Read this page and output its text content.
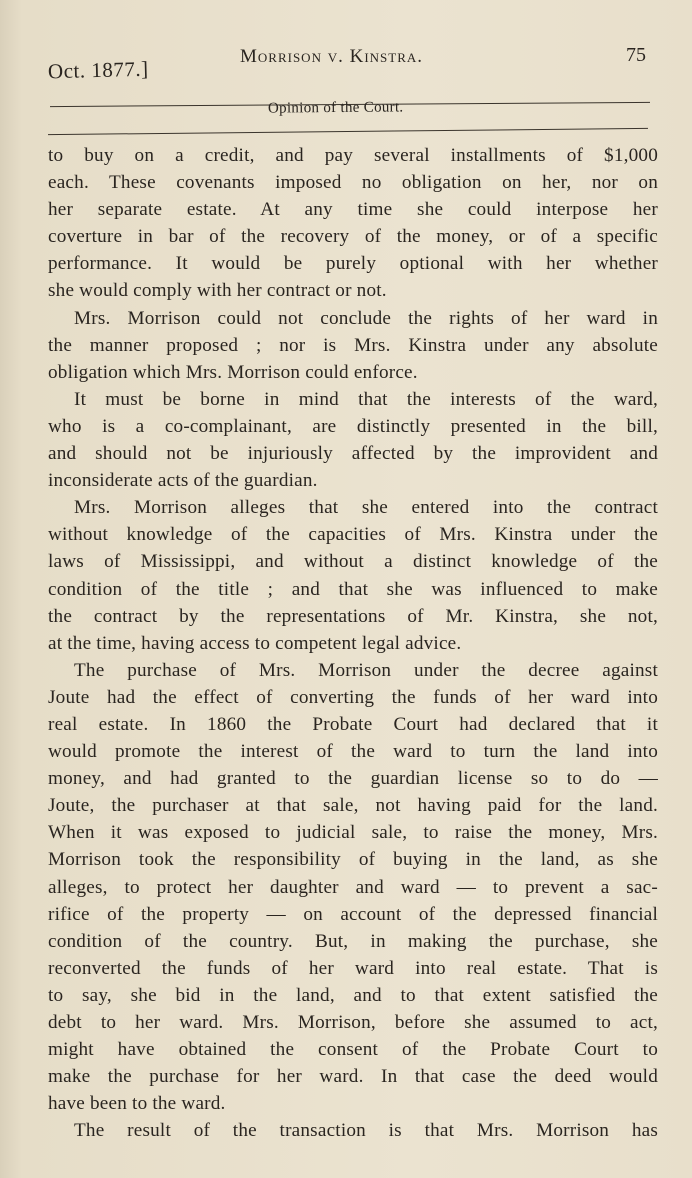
Oct. 1877.]
Morrison v. Kinstra.	75
Opinion of the Court.
to buy on a credit, and pay several installments of $1,000
each. These covenants imposed no obligation on her, nor on
her separate estate. At any time she could interpose her
coverture in bar of the recovery of the money, or of a specific
performance. It would be purely optional with her whether
she would comply with her contract or not.
Mrs. Morrison could not conclude the rights of her ward in
the manner proposed ; nor is Mrs. Kinstra under any absolute
obligation which Mrs. Morrison could enforce.
It must be borne in mind that the interests of the ward,
who is a co-complainant, are distinctly presented in the bill,
and should not be injuriously affected by the improvident and
inconsiderate acts of the guardian.
Mrs. Morrison alleges that she entered into the contract
without knowledge of the capacities of Mrs. Kinstra under the
laws of Mississippi, and without a distinct knowledge of the
condition of the title ; and that she was influenced to make
the contract by the representations of Mr. Kinstra, she not,
at the time, having access to competent legal advice.
The purchase of Mrs. Morrison under the decree against
Joute had the effect of converting the funds of her ward into
real estate. In 1860 the Probate Court had declared that it
would promote the interest of the ward to turn the land into
money, and had granted to the guardian license so to do —
Joute, the purchaser at that sale, not having paid for the land.
When it was exposed to judicial sale, to raise the money, Mrs.
Morrison took the responsibility of buying in the land, as she
alleges, to protect her daughter and ward — to prevent a sac-
rifice of the property — on account of the depressed financial
condition of the country. But, in making the purchase, she
reconverted the funds of her ward into real estate. That is
to say, she bid in the land, and to that extent satisfied the
debt to her ward. Mrs. Morrison, before she assumed to act,
might have obtained the consent of the Probate Court to
make the purchase for her ward. In that case the deed would
have been to the ward.
The result of the transaction is that Mrs. Morrison has
